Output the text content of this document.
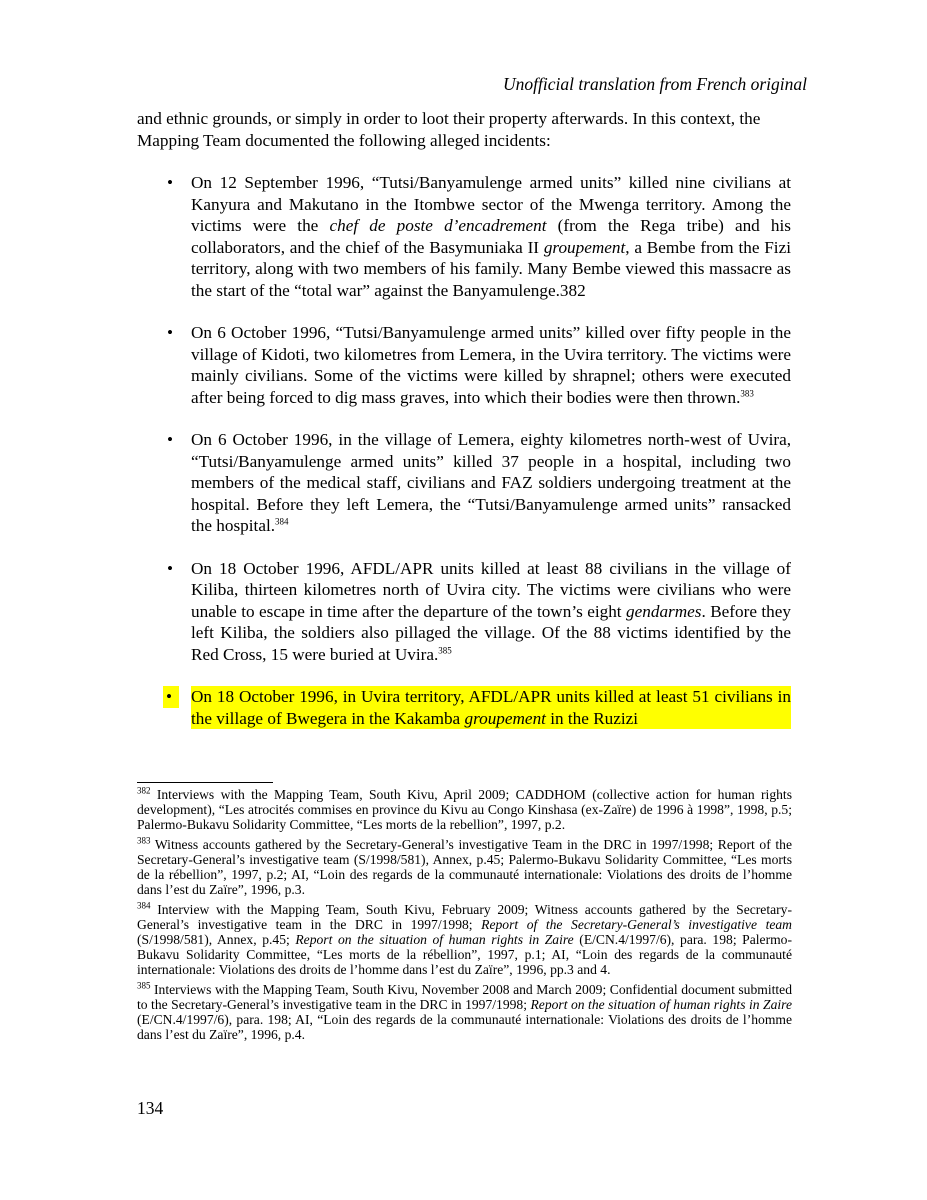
Unofficial translation from French original
and ethnic grounds, or simply in order to loot their property afterwards. In this context, the Mapping Team documented the following alleged incidents:
• On 12 September 1996, “Tutsi/Banyamulenge armed units” killed nine civilians at Kanyura and Makutano in the Itombwe sector of the Mwenga territory. Among the victims were the chef de poste d’encadrement (from the Rega tribe) and his collaborators, and the chief of the Basymuniaka II groupement, a Bembe from the Fizi territory, along with two members of his family. Many Bembe viewed this massacre as the start of the “total war” against the Banyamulenge.382
• On 6 October 1996, “Tutsi/Banyamulenge armed units” killed over fifty people in the village of Kidoti, two kilometres from Lemera, in the Uvira territory. The victims were mainly civilians. Some of the victims were killed by shrapnel; others were executed after being forced to dig mass graves, into which their bodies were then thrown.$^{383}$
• On 6 October 1996, in the village of Lemera, eighty kilometres north-west of Uvira, “Tutsi/Banyamulenge armed units” killed 37 people in a hospital, including two members of the medical staff, civilians and FAZ soldiers undergoing treatment at the hospital. Before they left Lemera, the “Tutsi/Banyamulenge armed units” ransacked the hospital.$^{384}$
• On 18 October 1996, AFDL/APR units killed at least 88 civilians in the village of Kiliba, thirteen kilometres north of Uvira city. The victims were civilians who were unable to escape in time after the departure of the town’s eight gendarmes. Before they left Kiliba, the soldiers also pillaged the village. Of the 88 victims identified by the Red Cross, 15 were buried at Uvira.$^{385}$
•	On 18 October 1996, in Uvira territory, AFDL/APR units killed at least 51 civilians in the village of Bwegera in the Kakamba groupement in the Ruzizi

$^{382}$ Interviews with the Mapping Team, South Kivu, April 2009; CADDHOM (collective action for human rights development), “Les atrocités commises en province du Kivu au Congo Kinshasa (ex-Zaïre) de 1996 à 1998”, 1998, p.5; Palermo-Bukavu Solidarity Committee, “Les morts de la rebellion”, 1997, p.2.

$^{383}$ Witness accounts gathered by the Secretary-General’s investigative Team in the DRC in 1997/1998; Report of the Secretary-General’s investigative team (S/1998/581), Annex, p.45; Palermo-Bukavu Solidarity Committee, “Les morts de la rébellion”, 1997, p.2; AI, “Loin des regards de la communauté internationale: Violations des droits de l’homme dans l’est du Zaïre”, 1996, p.3.

$^{384}$ Interview with the Mapping Team, South Kivu, February 2009; Witness accounts gathered by the Secretary-General’s investigative team in the DRC in 1997/1998; Report of the Secretary-General’s investigative team (S/1998/581), Annex, p.45; Report on the situation of human rights in Zaire (E/CN.4/1997/6), para. 198; Palermo-Bukavu Solidarity Committee, “Les morts de la rébellion”, 1997, p.1; AI, “Loin des regards de la communauté internationale: Violations des droits de l’homme dans l’est du Zaïre”, 1996, pp.3 and 4.

$^{385}$ Interviews with the Mapping Team, South Kivu, November 2008 and March 2009; Confidential document submitted to the Secretary-General’s investigative team in the DRC in 1997/1998; Report on the situation of human rights in Zaire (E/CN.4/1997/6), para. 198; AI, “Loin des regards de la communauté internationale: Violations des droits de l’homme dans l’est du Zaïre”, 1996, p.4.

134
